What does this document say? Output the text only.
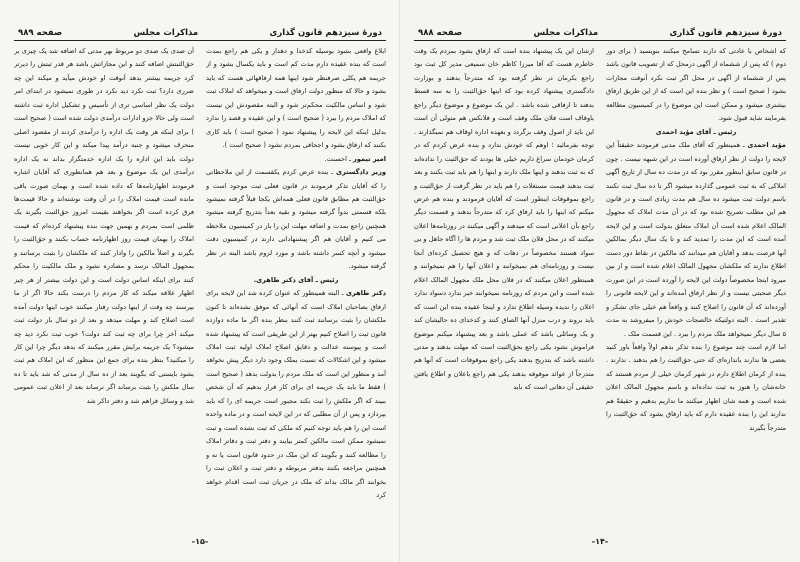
دورهٔ سیزدهم قانون گذاری
مذاکرات مجلس
صفحه ۹۸۹

ابلاغ واقعی بشود بوسیله کدخدا و دهدار و یکی هم راجع بمدت است که بنده عقیده دارم مدت کم است و باید یکسال بشود و از جریمه هم یکلی صرفنظر شود اینها همه ارفاقهائی هست که باید بشود و حالا که منظور دولت ارفاق است و میخواهد که املاک ثبت شود و اساس مالکیت محکم‌تر شود و البته مقصودش این نیست که املاک مردم را ببرد ( صحیح است ) و این عقیده و قصد را ندارد بدلیل اینکه این لایحه را پیشنهاد نمود ( صحیح است ) باید کاری بکنند که ارفاق بشود و اجحافی بمردم نشود ( صحیح است ).

امیر تیمور ـ احسنت.

وزیر دادگستری ـ بنده عرض کردم یکقسمت از این ملاحظاتی را که آقایان تذکر فرمودند در قانون فعلی ثبت موجود است و حق‌الثبت هم مطابق قانون فعلی همه‌اش یکجا قبلاً گرفته نمیشود بلکه قسمتی بدواً گرفته میشود و بقیه بعداً بتدریج گرفته میشود همچنین راجع بمدت و اضافه مهلت این را باز در کمیسیون ملاحظه می کنیم و آقایان هم اگر پیشنهاداتی دارند در کمیسیون دقت میشود و آنچه کسر داشته باشد و مورد لزوم باشد البته در نظر گرفته میشود.

رئیس ـ آقای دکتر طاهری.

دکتر طاهری ـ البته همینطور که عنوان کرده شد این لایحه برای ارفاق بصاحبان املاک است که آنهائی که موفق نشده‌اند تا کنون ملکشان را بثبت برسانند ثبت کنند بنظر بنده اگر ما ماده دوازده قانون ثبت را اصلاح کنیم بهتر از این طریقی است که پیشنهاد شده است و پیوسته عدالت و دقایق اصلاح املاک اولیه ثبت املاک میشود و این اشکالات که نسبت بملک وجود دارد دیگر پیش نخواهد آمد و منظور این است که ملک مردم را بدولت بدهد ( صحیح است ) فقط ما باید یک جریمه ای برای کار قرار بدهیم که آن شخص ببیند که اگر ملکش را ثبت نکند مجبور است جریمه ای را که باید بپردازد و پس از آن مطلبی که در این لایحه است و در ماده واحده است این را هم باید توجه کنیم که ملکی که ثبت نشده است و ثبت نمیشود ممکن است مالکین کمتر بیایند و دفتر ثبت و دفاتر املاک را مطالعه کنند و بگویند که این ملک در حدود قانون است یا نه و همچنین مراجعه بکنند بدفتر مربوطه و دفتر ثبت و اعلان ثبت را بخوانند اگر مالک بداند که ملک در جریان ثبت است اقدام خواهد کرد

آن صدی یک صدی دو مربوط بهر مدتی که اضافه شد یک چیزی بر حق‌الثبتش اضافه کنند و این مجازاتش باشد هر قدر ثبتش را دیرتر کرد جریمه بیشتر بدهد آنوقت او خودش میآید و میکند این چه ضرری دارد؟ ثبت نکرد دید نکرد در طوری نمیشود در ابتدای امر دولت یک نظر اساسی تری از تأسیس و تشکیل اداره ثبت داشته است ولی حالا جزو ادارات درآمدی دولت شده است ( صحیح است ) برای اینکه هر وقت یک اداره را درآمدی کردند از مقصود اصلی منحرف میشود و جنبه درآمد پیدا میکند و این کار خوبی نیست دولت باید این اداره را یک اداره خدمتگزار بداند نه یک اداره درآمدی این یک موضوع و بعد هم همانطوری که آقایان اشاره فرمودند اظهارنامه‌ها که داده شده است و بهمان صورت باقی مانده است قیمت املاک را در آن وقت نوشته‌اند و حالا قیمت‌ها فرق کرده است اگر بخواهند بقیمت امروز حق‌الثبت بگیرند یک ظلمی است بمردم و بهمین جهت بنده پیشنهاد کرده‌ام که قیمت املاک را بهمان قیمت روز اظهارنامه حساب بکنند و حق‌الثبت را بگیرند و اصلاً مالکین را وادار کنند که ملکشان را بثبت برسانند و بمجهول المالک نرسد و مصادره نشود و ملک مالکیت را محکم کنند برای اینکه اساس دولت است و این دولت بیشتر از هر چیز اظهار علاقه میکند که کار مردم را درست بکند حالا اگر از ما بپرسند چه وقت از اینها دولت رفتار میکنند خوب اینها دولت آمده است اصلاح کند و مهلت میدهد و بعد از دو سال باز دولت ثبت میکند آخر چرا برای چه ثبت کند دولت؟ خوب ثبت نکرد دید چه میشود؟ یک جریمه برایش مقرر میکنند که بدهد دیگر چرا این کار را میکنید؟ بنظر بنده برای جمع این منظور که این املاک هم ثبت بشود بایستی که بگویند بعد از ده سال از مدتی که شد باید تا ده سال ملکش را بثبت برساند اگر نرساند بعد از اعلان ثبت عمومی شد و وسائل فراهم شد و دفتر داکر شد

-۱۵-
دورهٔ سیزدهم قانون گذاری
مذاکرات مجلس
صفحه ۹۸۸

که اشخاص با عادتی که دارند تسامح میکنند بنویسید ( برای دور دوم ) که پس از ششماه از آگهی درمحل که از تصویب قانون باشد پس از ششماه از آگهی در محل اگر ثبت نکرد آنوقت مجازات بشود ( صحیح است ) و نظر بنده این است که از این طریق ارفاق بیشتری میشود و ممکن است این موضوع را در کمیسیون مطالعه بفرمایند شاید قبول شود.

رئیس ـ آقای مؤید احمدی

مؤید احمدی ـ همینطور که آقای ملک مدنی فرمودند حقیقتاً این لایحه را دولت از نظر ارفاق آورده است در این شبهه نیست . چون در قانون سابق اینطور مقرر بود که در مدت ده سال از تاریخ آگهی املاکی که به ثبت عمومی گذارده میشود اگر تا ده سال ثبت نکنند باسم دولت ثبت میشود ده سال هم مدت زیادی است و در قانون هم این مطلب تصریح شده بود که در آن مدت املاک که مجهول المالک اعلام شده است آن املاک متعلق بدولت است و این لایحه آمده است که این مدت را تمدید کند و تا یک سال دیگر بمالکین آنها فرصت بدهد و آقایان هم میدانند که مالکین در نقاط دور دست اطلاع ندارند که ملکشان مجهول المالک اعلام شده است و از بین میرود اینجا مخصوصاً دولت این لایحه را آورده است در این صورت دیگر صحبتی نیست و از نظر ارفاق آمده‌اند و این لایحه قانونی را آورده‌اند که آن قانون را اصلاح کنند و واقعاً هم خیلی جای تشکر و تقدیر است . البته دولتیکه خالصجات خودش را میفروشد به مدت ۵ سال دیگر نمیخواهد ملک مردم را ببرد . این قسمت ملک .

اما لازم است چند موضوع را بنده تذکر بدهم اولاً واقعاً باور کنید بعضی ها ندارند باندازه‌ای که حتی حق‌الثبت را هم بدهند . ندارند . بنده از کرمان اطلاع دارم در شهر کرمان خیلی از مردم هستند که خانه‌شان را هنوز به ثبت نداده‌اند و باسم مجهول المالک اعلان شده است و همه شان اظهار میکنند ما نداریم بدهیم و حقیقةً هم ندارند این را بنده عقیده دارم که باید ارفاق بشود که حق‌الثبت را متدرجاً بگیرند

ازشان این یک پیشنهاد بنده است که ارفاق بشود بمردم یک وقت خاطرم هست که آقا میرزا کاظم خان سمیعی مدیر کل ثبت بود راجع بکرمان در نظر گرفته بود که متدرجاً بدهند و بوزارت دادگستری پیشنهاد کرده بود که اینها حق‌الثبت را به سه قسط بدهند تا ارفاقی شده باشد . این یک موضوع و موضوع دیگر راجع باوقاف است فلان ملک وقف است و فلانکس هم متولی آن است این باید از اصول وقف برگردد و بعهده اداره اوقاف هم نمیگذارند . توجه بفرمائید ؛ اوهم که خودش ندارد و بنده عرض کردم که در کرمان خودمان سراغ داریم خیلی ها بودند که حق‌الثبت را نداده‌اند که به ثبت بدهند و اینها ملک دارند و اینها را هم باید ثبت بکنند و بعد ثبت بدهند قیمت مستغلات را هم باید در نظر گرفت از حق‌الثبت و راجع بموقوفات اینطور است که آقایان فرمودند و بنده هم عرض میکنم که اینها را باید ارفاق کرد که متدرجاً بدهند و قسمت دیگر راجع بآن اعلانی است که میدهند و آگهی میکنند در روزنامه‌ها اعلان میکنند که در محل فلان ملک ثبت شد و مردم ها را آگاه جاهل و بی سواد هستند مخصوصاً در دهات که و هیچ تحصیل کرده‌ای آنجا نیست و روزنامه‌ای هم نمیخوانند و اعلان آنها را هم نمیخوانند و همینطور اعلان میکنند که در فلان محل ملک مجهول المالک اعلام شده است و این مردم که روزنامه نمیخوانند خبر ندارد دسواد ندارد اعلان را ندیده وسیله اطلاع ندارد و اینجا عقیده بنده این است که باید بروند و درب منزل آنها الصاق کنند و کدخدای ده حالیشان کند و یک وسائلی باشد که عملی باشد و بعد پیشنهاد میکنم موضوع فراموش نشود یکی راجع بحق‌الثبت است که مهلت بدهند و مدتی داشته باشد که بتدریج بدهند یکی راجع بموقوفات است که آنها هم متدرجاً از عوائد موقوفه بدهند یکی هم راجع باعلان و اطلاع یافتن حقیقی آن دهاتی است که باید

-۱۴-
